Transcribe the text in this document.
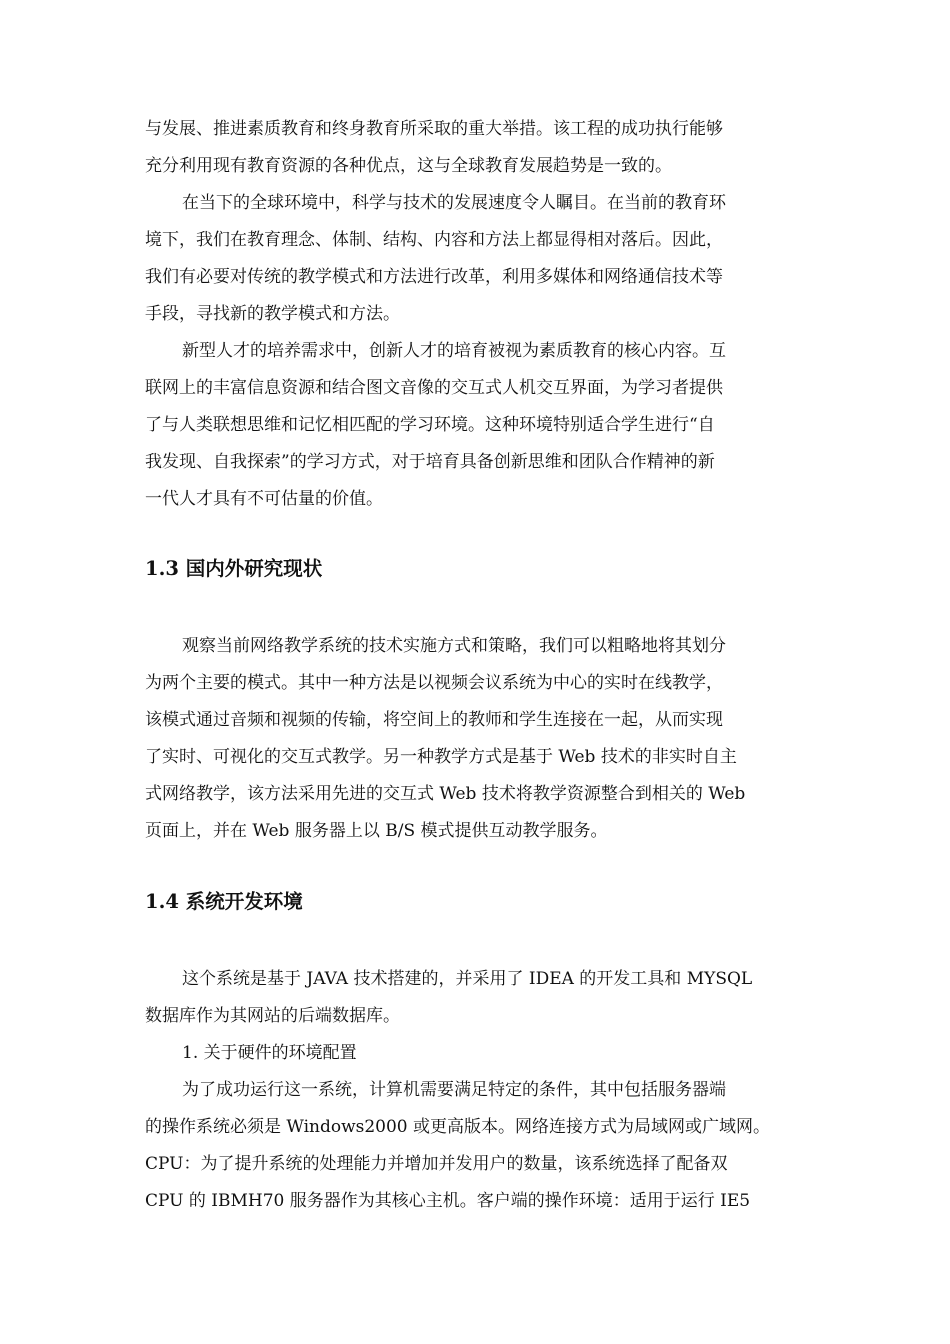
与发展、推进素质教育和终身教育所采取的重大举措。该工程的成功执行能够

充分利用现有教育资源的各种优点，这与全球教育发展趋势是一致的。

在当下的全球环境中，科学与技术的发展速度令人瞩目。在当前的教育环

境下，我们在教育理念、体制、结构、内容和方法上都显得相对落后。因此，

我们有必要对传统的教学模式和方法进行改革，利用多媒体和网络通信技术等

手段，寻找新的教学模式和方法。

新型人才的培养需求中，创新人才的培育被视为素质教育的核心内容。互

联网上的丰富信息资源和结合图文音像的交互式人机交互界面，为学习者提供

了与人类联想思维和记忆相匹配的学习环境。这种环境特别适合学生进行“自

我发现、自我探索”的学习方式，对于培育具备创新思维和团队合作精神的新

一代人才具有不可估量的价值。

1.3 国内外研究现状

观察当前网络教学系统的技术实施方式和策略，我们可以粗略地将其划分

为两个主要的模式。其中一种方法是以视频会议系统为中心的实时在线教学，

该模式通过音频和视频的传输，将空间上的教师和学生连接在一起，从而实现

了实时、可视化的交互式教学。另一种教学方式是基于 Web 技术的非实时自主

式网络教学，该方法采用先进的交互式 Web 技术将教学资源整合到相关的 Web

页面上，并在 Web 服务器上以 B/S 模式提供互动教学服务。

1.4 系统开发环境

这个系统是基于 JAVA 技术搭建的，并采用了 IDEA 的开发工具和 MYSQL

数据库作为其网站的后端数据库。

1. 关于硬件的环境配置

为了成功运行这一系统，计算机需要满足特定的条件，其中包括服务器端

的操作系统必须是 Windows2000 或更高版本。网络连接方式为局域网或广域网。

CPU：为了提升系统的处理能力并增加并发用户的数量，该系统选择了配备双

CPU 的 IBMH70 服务器作为其核心主机。客户端的操作环境：适用于运行 IE5
